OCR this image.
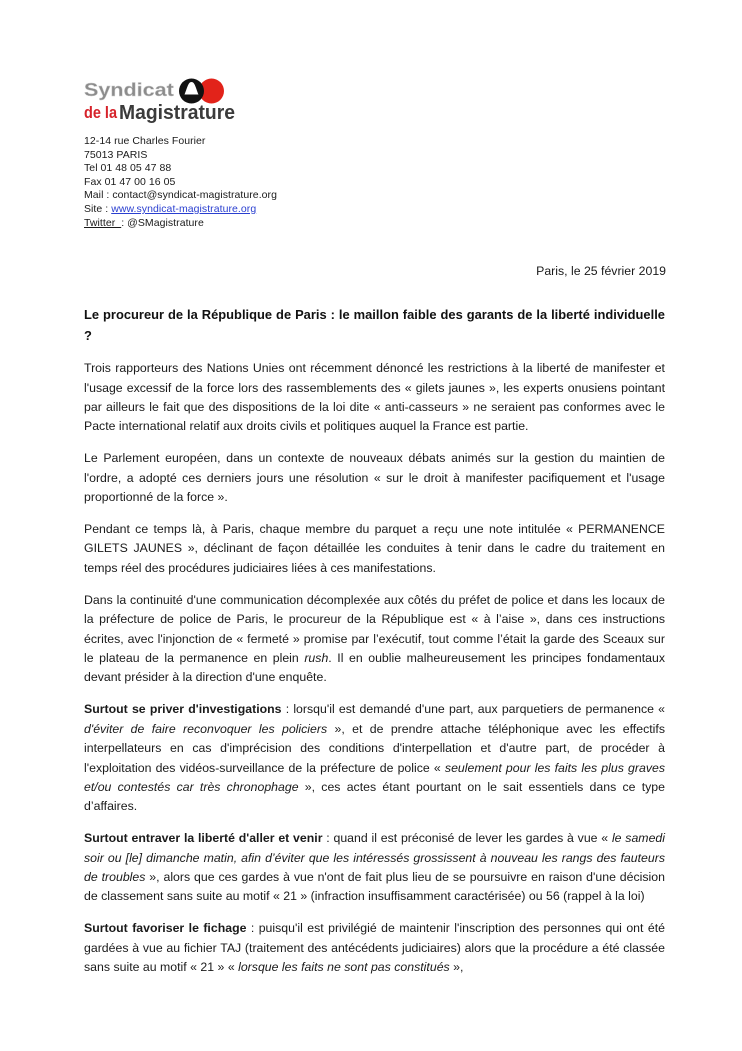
Syndicat
de la Magistrature
12-14 rue Charles Fourier
75013 PARIS
Tel 01 48 05 47 88
Fax 01 47 00 16 05
Mail : contact@syndicat-magistrature.org
Site : www.syndicat-magistrature.org
Twitter  : @SMagistrature
Paris, le 25 février 2019
Le procureur de la République de Paris : le maillon faible des garants de la liberté individuelle ?

Trois rapporteurs des Nations Unies ont récemment dénoncé les restrictions à la liberté de manifester et l'usage excessif de la force lors des rassemblements des « gilets jaunes », les experts onusiens pointant par ailleurs le fait que des dispositions de la loi dite « anti-casseurs » ne seraient pas conformes avec le Pacte international relatif aux droits civils et politiques auquel la France est partie.

Le Parlement européen, dans un contexte de nouveaux débats animés sur la gestion du maintien de l'ordre, a adopté ces derniers jours une résolution « sur le droit à manifester pacifiquement et l'usage proportionné de la force ».

Pendant ce temps là, à Paris, chaque membre du parquet a reçu une note intitulée « PERMANENCE GILETS JAUNES », déclinant de façon détaillée les conduites à tenir dans le cadre du traitement en temps réel des procédures judiciaires liées à ces manifestations.

Dans la continuité d'une communication décomplexée aux côtés du préfet de police et dans les locaux de la préfecture de police de Paris, le procureur de la République est « à l’aise », dans ces instructions écrites, avec l'injonction de « fermeté » promise par l’exécutif, tout comme l’était la garde des Sceaux sur le plateau de la permanence en plein rush. Il en oublie malheureusement les principes fondamentaux devant présider à la direction d'une enquête.

Surtout se priver d'investigations : lorsqu'il est demandé d'une part, aux parquetiers de permanence « d'éviter de faire reconvoquer les policiers », et de prendre attache téléphonique avec les effectifs interpellateurs en cas d'imprécision des conditions d'interpellation et d'autre part, de procéder à l'exploitation des vidéos-surveillance de la préfecture de police « seulement pour les faits les plus graves et/ou contestés car très chronophage », ces actes étant pourtant on le sait essentiels dans ce type d’affaires.

Surtout entraver la liberté d'aller et venir : quand il est préconisé de lever les gardes à vue « le samedi soir ou [le] dimanche matin, afin d’éviter que les intéressés grossissent à nouveau les rangs des fauteurs de troubles », alors que ces gardes à vue n'ont de fait plus lieu de se poursuivre en raison d'une décision de classement sans suite au motif « 21 » (infraction insuffisamment caractérisée) ou 56 (rappel à la loi)

Surtout favoriser le fichage : puisqu'il est privilégié de maintenir l'inscription des personnes qui ont été gardées à vue au fichier TAJ (traitement des antécédents judiciaires) alors que la procédure a été classée sans suite au motif « 21 » « lorsque les faits ne sont pas constitués »,
